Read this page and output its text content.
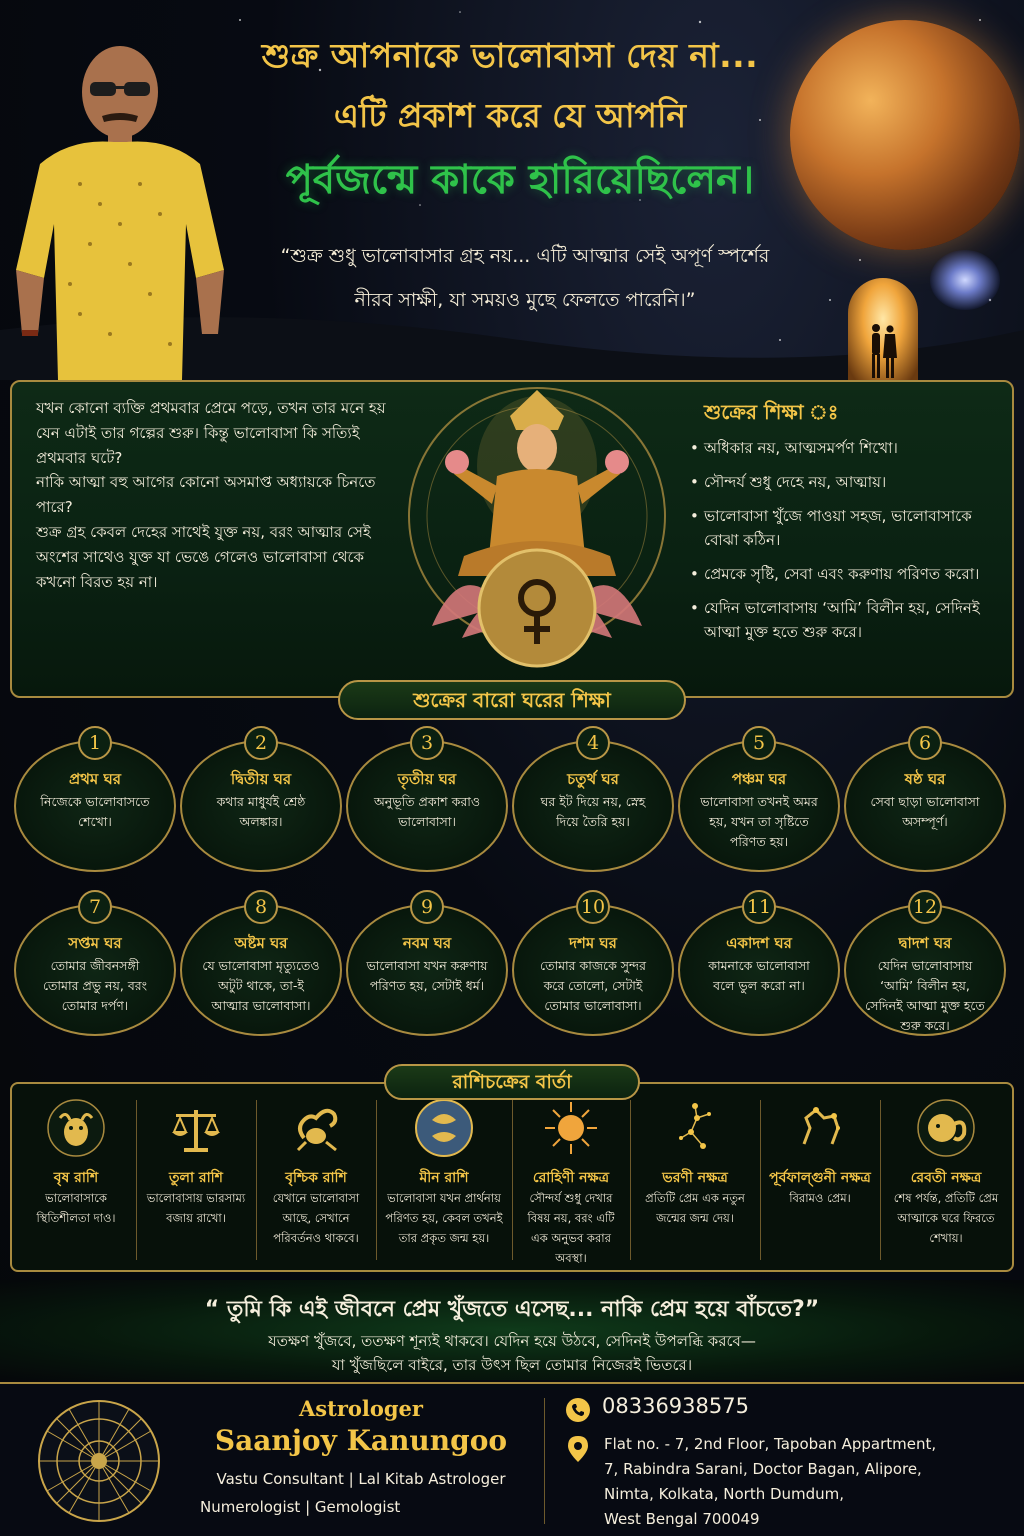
শুক্র আপনাকে ভালোবাসা দেয় না...
এটি প্রকাশ করে যে আপনি
পূর্বজন্মে কাকে হারিয়েছিলেন।
“শুক্র শুধু ভালোবাসার গ্রহ নয়... এটি আত্মার সেই অপূর্ণ স্পর্শের
নীরব সাক্ষী, যা সময়ও মুছে ফেলতে পারেনি।”

যখন কোনো ব্যক্তি প্রথমবার প্রেমে পড়ে, তখন তার মনে হয় যেন এটাই তার গল্পের শুরু। কিন্তু ভালোবাসা কি সত্যিই প্রথমবার ঘটে?

নাকি আত্মা বহু আগের কোনো অসমাপ্ত অধ্যায়কে চিনতে পারে?

শুক্র গ্রহ কেবল দেহের সাথেই যুক্ত নয়, বরং আত্মার সেই অংশের সাথেও যুক্ত যা ভেঙে গেলেও ভালোবাসা থেকে কখনো বিরত হয় না।

শুক্রের শিক্ষা ঃ
• অধিকার নয়, আত্মসমর্পণ শিখো।
• সৌন্দর্য শুধু দেহে নয়, আত্মায়।
• ভালোবাসা খুঁজে পাওয়া সহজ, ভালোবাসাকে বোঝা কঠিন।
• প্রেমকে সৃষ্টি, সেবা এবং করুণায় পরিণত করো।
• যেদিন ভালোবাসায় ‘আমি’ বিলীন হয়, সেদিনই আত্মা মুক্ত হতে শুরু করে।
শুক্রের বারো ঘরের শিক্ষা
1
প্রথম ঘর
নিজেকে ভালোবাসতে শেখো।
2
দ্বিতীয় ঘর
কথার মাধুর্যই শ্রেষ্ঠ অলঙ্কার।
3
তৃতীয় ঘর
অনুভূতি প্রকাশ করাও ভালোবাসা।
4
চতুর্থ ঘর
ঘর ইট দিয়ে নয়, স্নেহ দিয়ে তৈরি হয়।
5
পঞ্চম ঘর
ভালোবাসা তখনই অমর হয়, যখন তা সৃষ্টিতে পরিণত হয়।
6
ষষ্ঠ ঘর
সেবা ছাড়া ভালোবাসা অসম্পূর্ণ।
7
সপ্তম ঘর
তোমার জীবনসঙ্গী তোমার প্রভু নয়, বরং তোমার দর্পণ।
8
অষ্টম ঘর
যে ভালোবাসা মৃত্যুতেও অটুট থাকে, তা-ই আত্মার ভালোবাসা।
9
নবম ঘর
ভালোবাসা যখন করুণায় পরিণত হয়, সেটাই ধর্ম।
10
দশম ঘর
তোমার কাজকে সুন্দর করে তোলো, সেটাই তোমার ভালোবাসা।
11
একাদশ ঘর
কামনাকে ভালোবাসা বলে ভুল করো না।
12
দ্বাদশ ঘর
যেদিন ভালোবাসায় ‘আমি’ বিলীন হয়, সেদিনই আত্মা মুক্ত হতে শুরু করে।
বৃষ রাশি
ভালোবাসাকে স্থিতিশীলতা দাও।
তুলা রাশি
ভালোবাসায় ভারসাম্য বজায় রাখো।
বৃশ্চিক রাশি
যেখানে ভালোবাসা আছে, সেখানে পরিবর্তনও থাকবে।
মীন রাশি
ভালোবাসা যখন প্রার্থনায় পরিণত হয়, কেবল তখনই তার প্রকৃত জন্ম হয়।
রোহিণী নক্ষত্র
সৌন্দর্য শুধু দেখার বিষয় নয়, বরং এটি এক অনুভব করার অবস্থা।
ভরণী নক্ষত্র
প্রতিটি প্রেম এক নতুন জন্মের জন্ম দেয়।
পূর্বফাল্গুনী নক্ষত্র
বিরামও প্রেম।
রেবতী নক্ষত্র
শেষ পর্যন্ত, প্রতিটি প্রেম আত্মাকে ঘরে ফিরতে শেখায়।
রাশিচক্রের বার্তা
“ তুমি কি এই জীবনে প্রেম খুঁজতে এসেছ... নাকি প্রেম হয়ে বাঁচতে?”
যতক্ষণ খুঁজবে, ততক্ষণ শূন্যই থাকবে। যেদিন হয়ে উঠবে, সেদিনই উপলব্ধি করবে—
যা খুঁজছিলে বাইরে, তার উৎস ছিল তোমার নিজেরই ভিতরে।
Astrologer
Saanjoy Kanungoo
Vastu Consultant | Lal Kitab Astrologer
Numerologist | Gemologist
08336938575
Flat no. - 7, 2nd Floor, Tapoban Appartment,
7, Rabindra Sarani, Doctor Bagan, Alipore,
Nimta, Kolkata, North Dumdum,
West Bengal 700049
